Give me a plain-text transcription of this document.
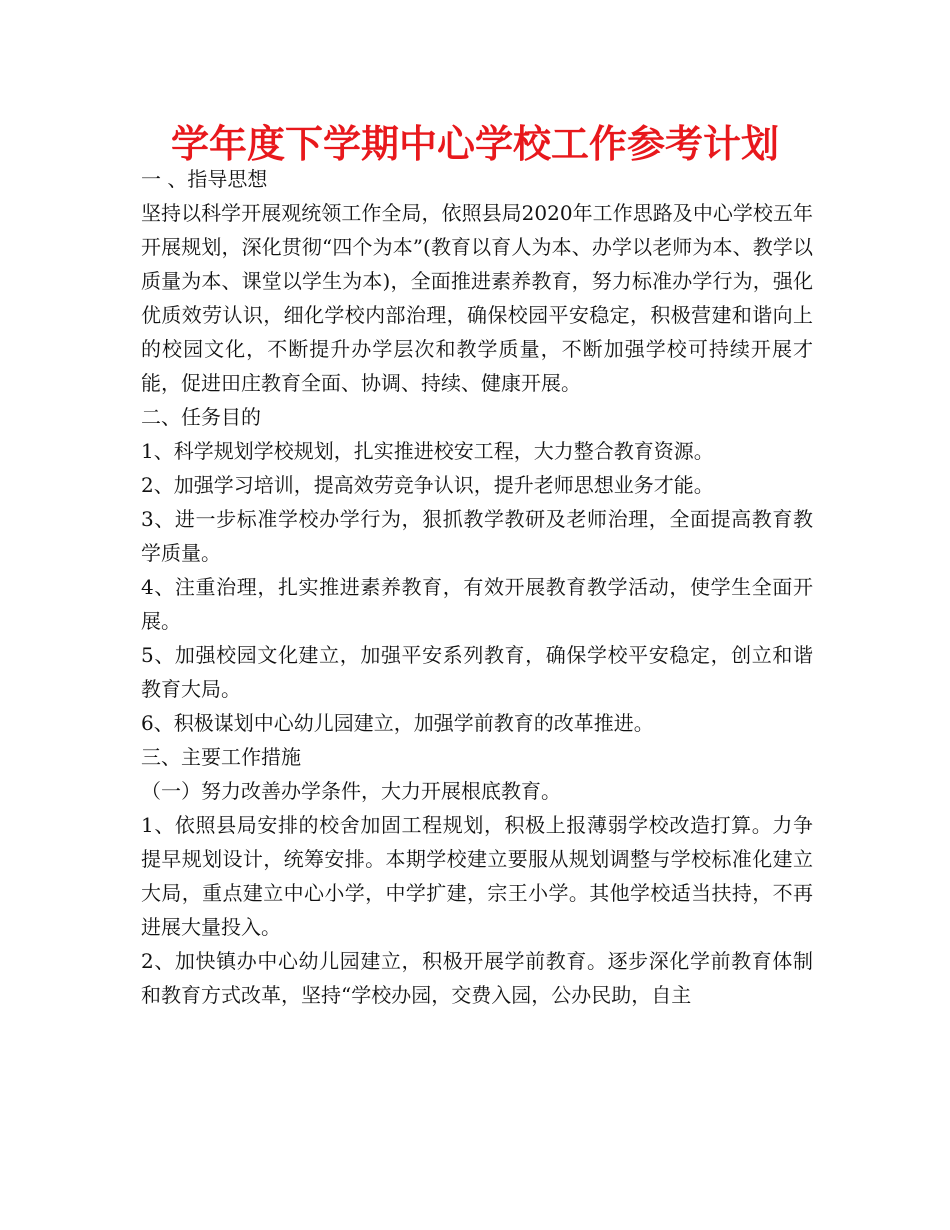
学年度下学期中心学校工作参考计划

一 、指导思想

坚持以科学开展观统领工作全局，依照县局2020年工作思路及中心学校五年开展规划，深化贯彻“四个为本”(教育以育人为本、办学以老师为本、教学以质量为本、课堂以学生为本)，全面推进素养教育，努力标准办学行为，强化优质效劳认识，细化学校内部治理，确保校园平安稳定，积极营建和谐向上的校园文化，不断提升办学层次和教学质量，不断加强学校可持续开展才能，促进田庄教育全面、协调、持续、健康开展。

二、任务目的

1、科学规划学校规划，扎实推进校安工程，大力整合教育资源。

2、加强学习培训，提高效劳竞争认识，提升老师思想业务才能。

3、进一步标准学校办学行为，狠抓教学教研及老师治理，全面提高教育教学质量。

4、注重治理，扎实推进素养教育，有效开展教育教学活动，使学生全面开展。

5、加强校园文化建立，加强平安系列教育，确保学校平安稳定，创立和谐教育大局。

6、积极谋划中心幼儿园建立，加强学前教育的改革推进。

三、主要工作措施

（一）努力改善办学条件，大力开展根底教育。

1、依照县局安排的校舍加固工程规划，积极上报薄弱学校改造打算。力争提早规划设计，统筹安排。本期学校建立要服从规划调整与学校标准化建立大局，重点建立中心小学，中学扩建，宗王小学。其他学校适当扶持，不再进展大量投入。

2、加快镇办中心幼儿园建立，积极开展学前教育。逐步深化学前教育体制和教育方式改革，坚持“学校办园，交费入园，公办民助，自主
